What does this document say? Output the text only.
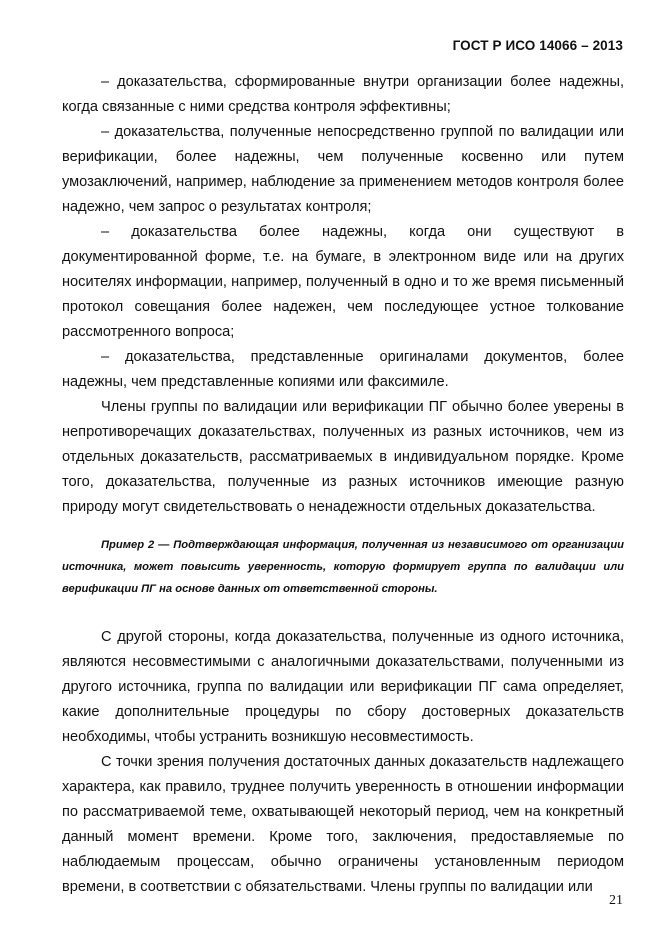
ГОСТ Р ИСО 14066 – 2013

– доказательства, сформированные внутри организации более надежны, когда связанные с ними средства контроля эффективны;

– доказательства, полученные непосредственно группой по валидации или верификации, более надежны, чем полученные косвенно или путем умозаключений, например, наблюдение за применением методов контроля более надежно, чем запрос о результатах контроля;

– доказательства более надежны, когда они существуют в документированной форме, т.е. на бумаге, в электронном виде или на других носителях информации, например, полученный в одно и то же время письменный протокол совещания более надежен, чем последующее устное толкование рассмотренного вопроса;

– доказательства, представленные оригиналами документов, более надежны, чем представленные копиями или факсимиле.

Члены группы по валидации или верификации ПГ обычно более уверены в непротиворечащих доказательствах, полученных из разных источников, чем из отдельных доказательств, рассматриваемых в индивидуальном порядке. Кроме того, доказательства, полученные из разных источников имеющие разную природу могут свидетельствовать о ненадежности отдельных доказательства.

Пример 2 — Подтверждающая информация, полученная из независимого от организации источника, может повысить уверенность, которую формирует группа по валидации или верификации ПГ на основе данных от ответственной стороны.

С другой стороны, когда доказательства, полученные из одного источника, являются несовместимыми с аналогичными доказательствами, полученными из другого источника, группа по валидации или верификации ПГ сама определяет, какие дополнительные процедуры по сбору достоверных доказательств необходимы, чтобы устранить возникшую несовместимость.

С точки зрения получения достаточных данных доказательств надлежащего характера, как правило, труднее получить уверенность в отношении информации по рассматриваемой теме, охватывающей некоторый период, чем на конкретный данный момент времени. Кроме того, заключения, предоставляемые по наблюдаемым процессам, обычно ограничены установленным периодом времени, в соответствии с обязательствами. Члены группы по валидации или

21
